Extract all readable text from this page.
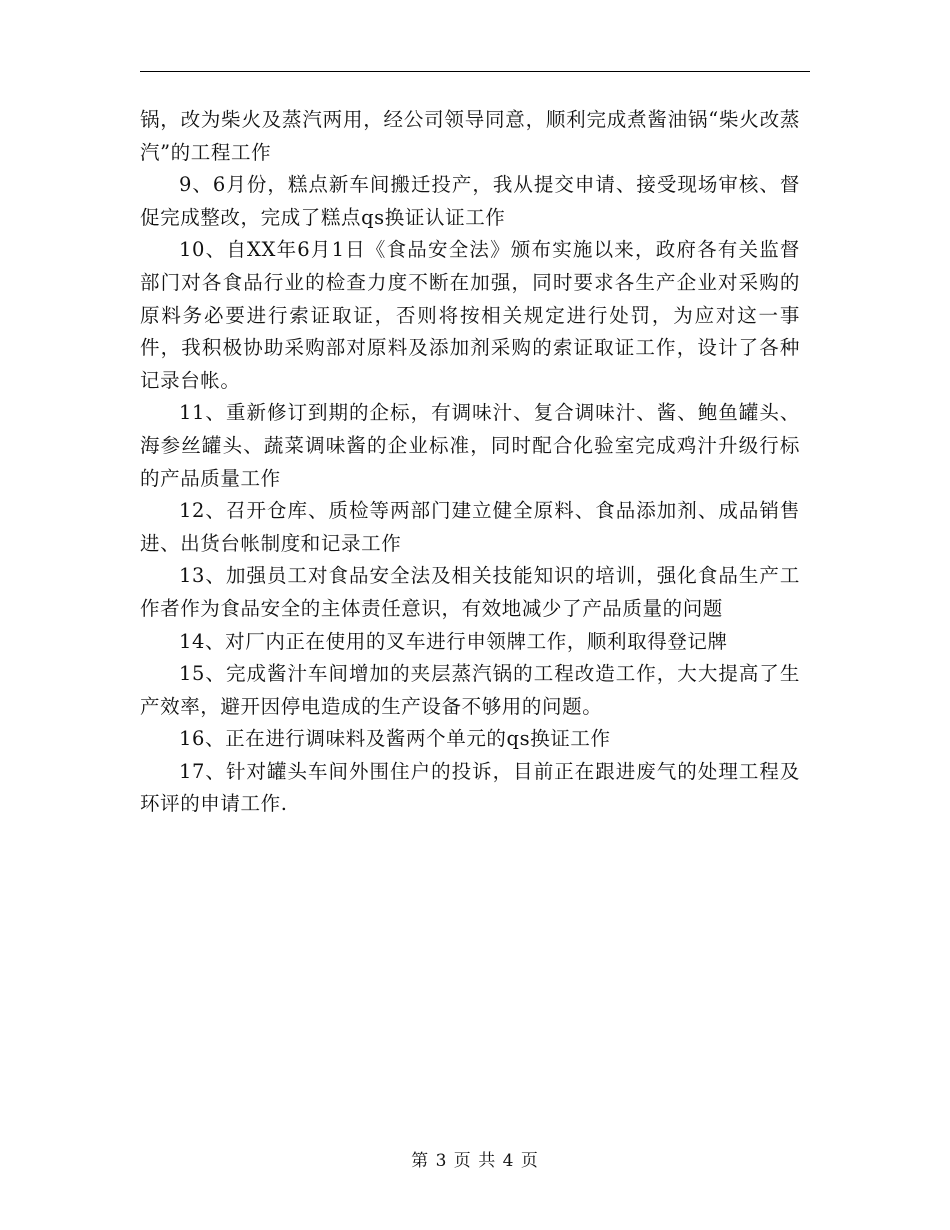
锅，改为柴火及蒸汽两用，经公司领导同意，顺利完成煮酱油锅“柴火改蒸汽”的工程工作

9、6月份，糕点新车间搬迁投产，我从提交申请、接受现场审核、督促完成整改，完成了糕点qs换证认证工作

10、自XX年6月1日《食品安全法》颁布实施以来，政府各有关监督部门对各食品行业的检查力度不断在加强，同时要求各生产企业对采购的原料务必要进行索证取证，否则将按相关规定进行处罚，为应对这一事件，我积极协助采购部对原料及添加剂采购的索证取证工作，设计了各种记录台帐。

11、重新修订到期的企标，有调味汁、复合调味汁、酱、鲍鱼罐头、海参丝罐头、蔬菜调味酱的企业标准，同时配合化验室完成鸡汁升级行标的产品质量工作

12、召开仓库、质检等两部门建立健全原料、食品添加剂、成品销售进、出货台帐制度和记录工作

13、加强员工对食品安全法及相关技能知识的培训，强化食品生产工作者作为食品安全的主体责任意识，有效地减少了产品质量的问题

14、对厂内正在使用的叉车进行申领牌工作，顺利取得登记牌

15、完成酱汁车间增加的夹层蒸汽锅的工程改造工作，大大提高了生产效率，避开因停电造成的生产设备不够用的问题。

16、正在进行调味料及酱两个单元的qs换证工作

17、针对罐头车间外围住户的投诉，目前正在跟进废气的处理工程及环评的申请工作.

第 3 页 共 4 页
